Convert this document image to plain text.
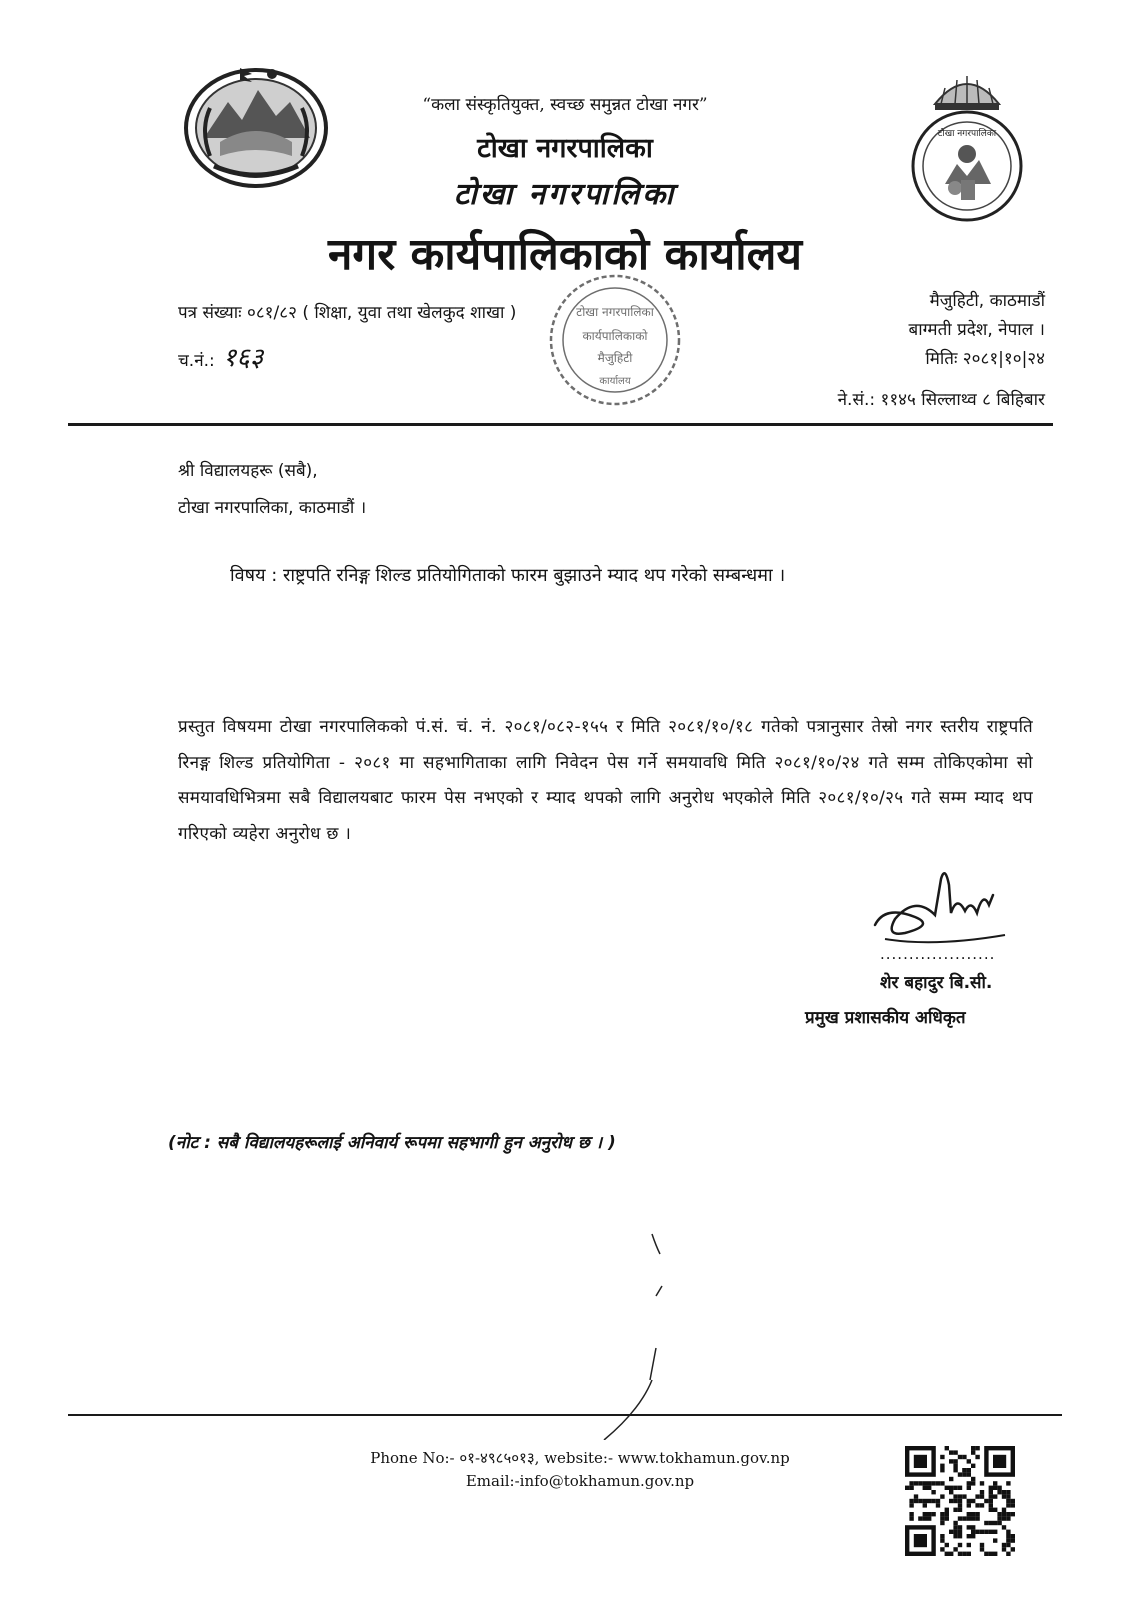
“कला संस्कृतियुक्त, स्वच्छ समुन्नत टोखा नगर”
टोखा नगरपालिका
टोखा नगरपालिका
नगर कार्यपालिकाको कार्यालय
टोखा नगरपालिका
पत्र संख्याः ०८१/८२ ( शिक्षा, युवा तथा खेलकुद शाखा )
च.नं.: १६३
टोखा नगरपालिका
कार्यपालिकाको
मैजुहिटी
कार्यालय
मैजुहिटी, काठमाडौं
बाग्मती प्रदेश, नेपाल ।
मितिः २०८१|१०|२४
ने.सं.: ११४५ सिल्लाथ्व ८ बिहिबार
श्री विद्यालयहरू (सबै),
टोखा नगरपालिका, काठमाडौं ।
विषय : राष्ट्रपति रनिङ्ग शिल्ड प्रतियोगिताको फारम बुझाउने म्याद थप गरेको सम्बन्धमा ।
प्रस्तुत विषयमा टोखा नगरपालिकको पं.सं. चं. नं. २०८१/०८२-१५५ र मिति २०८१/१०/१८ गतेको पत्रानुसार तेस्रो नगर स्तरीय राष्ट्रपति रिनङ्ग शिल्ड प्रतियोगिता - २०८१ मा सहभागिताका लागि निवेदन पेस गर्ने समयावधि मिति २०८१/१०/२४ गते सम्म तोकिएकोमा सो समयावधिभित्रमा सबै विद्यालयबाट फारम पेस नभएको र म्याद थपको लागि अनुरोध भएकोले मिति २०८१/१०/२५ गते सम्म म्याद थप गरिएको व्यहेरा अनुरोध छ ।
....................
शेर बहादुर बि.सी.
प्रमुख प्रशासकीय अधिकृत
(नोट : सबै विद्यालयहरूलाई अनिवार्य रूपमा सहभागी हुन अनुरोध छ । )
Phone No:- ०१-४९८५०१३, website:- www.tokhamun.gov.np
Email:-info@tokhamun.gov.np
